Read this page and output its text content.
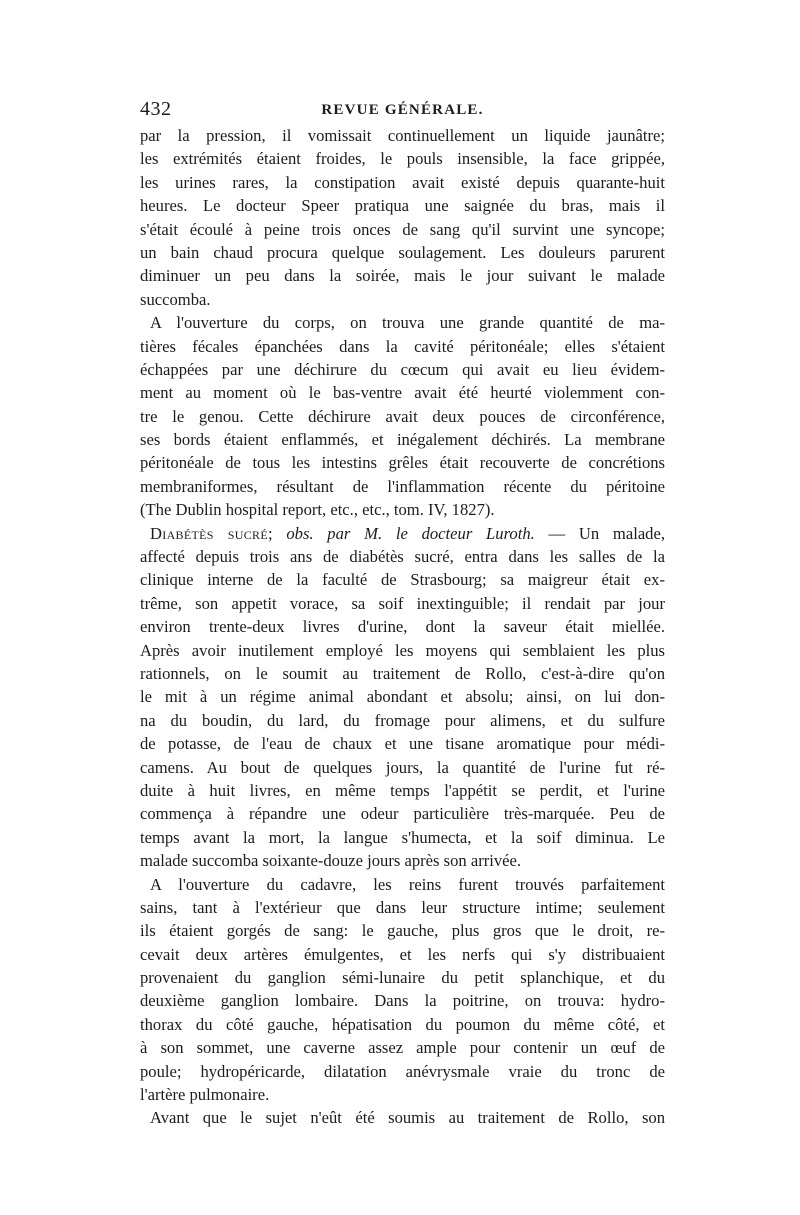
432	REVUE GÉNÉRALE.
par la pression, il vomissait continuellement un liquide jaunâtre;
les extrémités étaient froides, le pouls insensible, la face grippée,
les urines rares, la constipation avait existé depuis quarante-huit
heures. Le docteur Speer pratiqua une saignée du bras, mais il
s'était écoulé à peine trois onces de sang qu'il survint une syncope;
un bain chaud procura quelque soulagement. Les douleurs parurent
diminuer un peu dans la soirée, mais le jour suivant le malade
succomba.
A l'ouverture du corps, on trouva une grande quantité de ma-
tières fécales épanchées dans la cavité péritonéale; elles s'étaient
échappées par une déchirure du cœcum qui avait eu lieu évidem-
ment au moment où le bas-ventre avait été heurté violemment con-
tre le genou. Cette déchirure avait deux pouces de circonférence,
ses bords étaient enflammés, et inégalement déchirés. La membrane
péritonéale de tous les intestins grêles était recouverte de concrétions
membraniformes, résultant de l'inflammation récente du péritoine
(The Dublin hospital report, etc., etc., tom. IV, 1827).
Diabétès sucré; obs. par M. le docteur Luroth. — Un malade,
affecté depuis trois ans de diabétès sucré, entra dans les salles de la
clinique interne de la faculté de Strasbourg; sa maigreur était ex-
trême, son appetit vorace, sa soif inextinguible; il rendait par jour
environ trente-deux livres d'urine, dont la saveur était miellée.
Après avoir inutilement employé les moyens qui semblaient les plus
rationnels, on le soumit au traitement de Rollo, c'est-à-dire qu'on
le mit à un régime animal abondant et absolu; ainsi, on lui don-
na du boudin, du lard, du fromage pour alimens, et du sulfure
de potasse, de l'eau de chaux et une tisane aromatique pour médi-
camens. Au bout de quelques jours, la quantité de l'urine fut ré-
duite à huit livres, en même temps l'appétit se perdit, et l'urine
commença à répandre une odeur particulière très-marquée. Peu de
temps avant la mort, la langue s'humecta, et la soif diminua. Le
malade succomba soixante-douze jours après son arrivée.
A l'ouverture du cadavre, les reins furent trouvés parfaitement
sains, tant à l'extérieur que dans leur structure intime; seulement
ils étaient gorgés de sang: le gauche, plus gros que le droit, re-
cevait deux artères émulgentes, et les nerfs qui s'y distribuaient
provenaient du ganglion sémi-lunaire du petit splanchique, et du
deuxième ganglion lombaire. Dans la poitrine, on trouva: hydro-
thorax du côté gauche, hépatisation du poumon du même côté, et
à son sommet, une caverne assez ample pour contenir un œuf de
poule; hydropéricarde, dilatation anévrysmale vraie du tronc de
l'artère pulmonaire.
Avant que le sujet n'eût été soumis au traitement de Rollo, son
